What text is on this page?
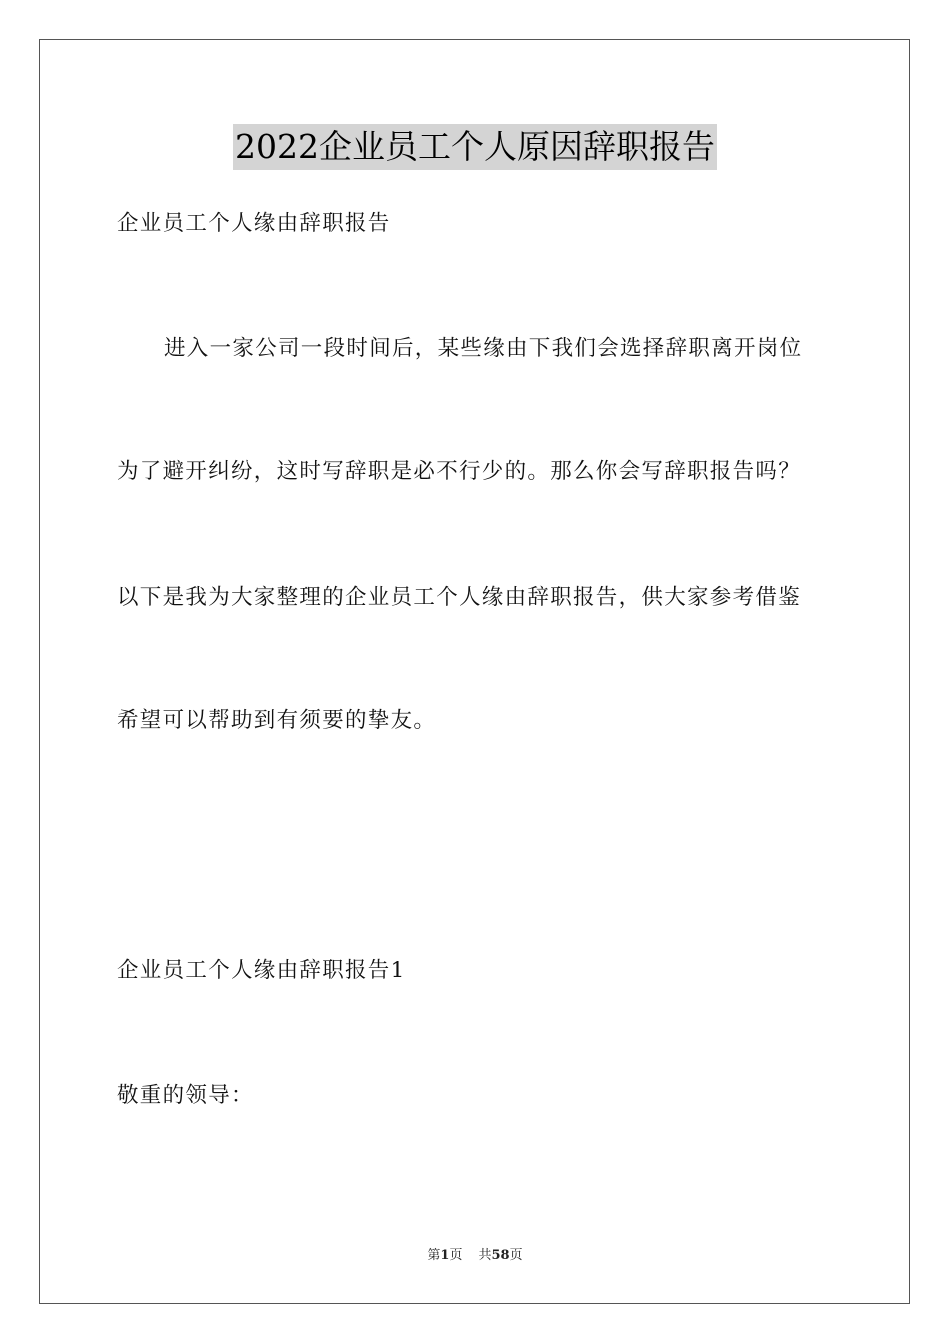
2022企业员工个人原因辞职报告
企业员工个人缘由辞职报告
进入一家公司一段时间后，某些缘由下我们会选择辞职离开岗位
为了避开纠纷，这时写辞职是必不行少的。那么你会写辞职报告吗？
以下是我为大家整理的企业员工个人缘由辞职报告，供大家参考借鉴
希望可以帮助到有须要的挚友。
企业员工个人缘由辞职报告1
敬重的领导：
第1页 共58页
